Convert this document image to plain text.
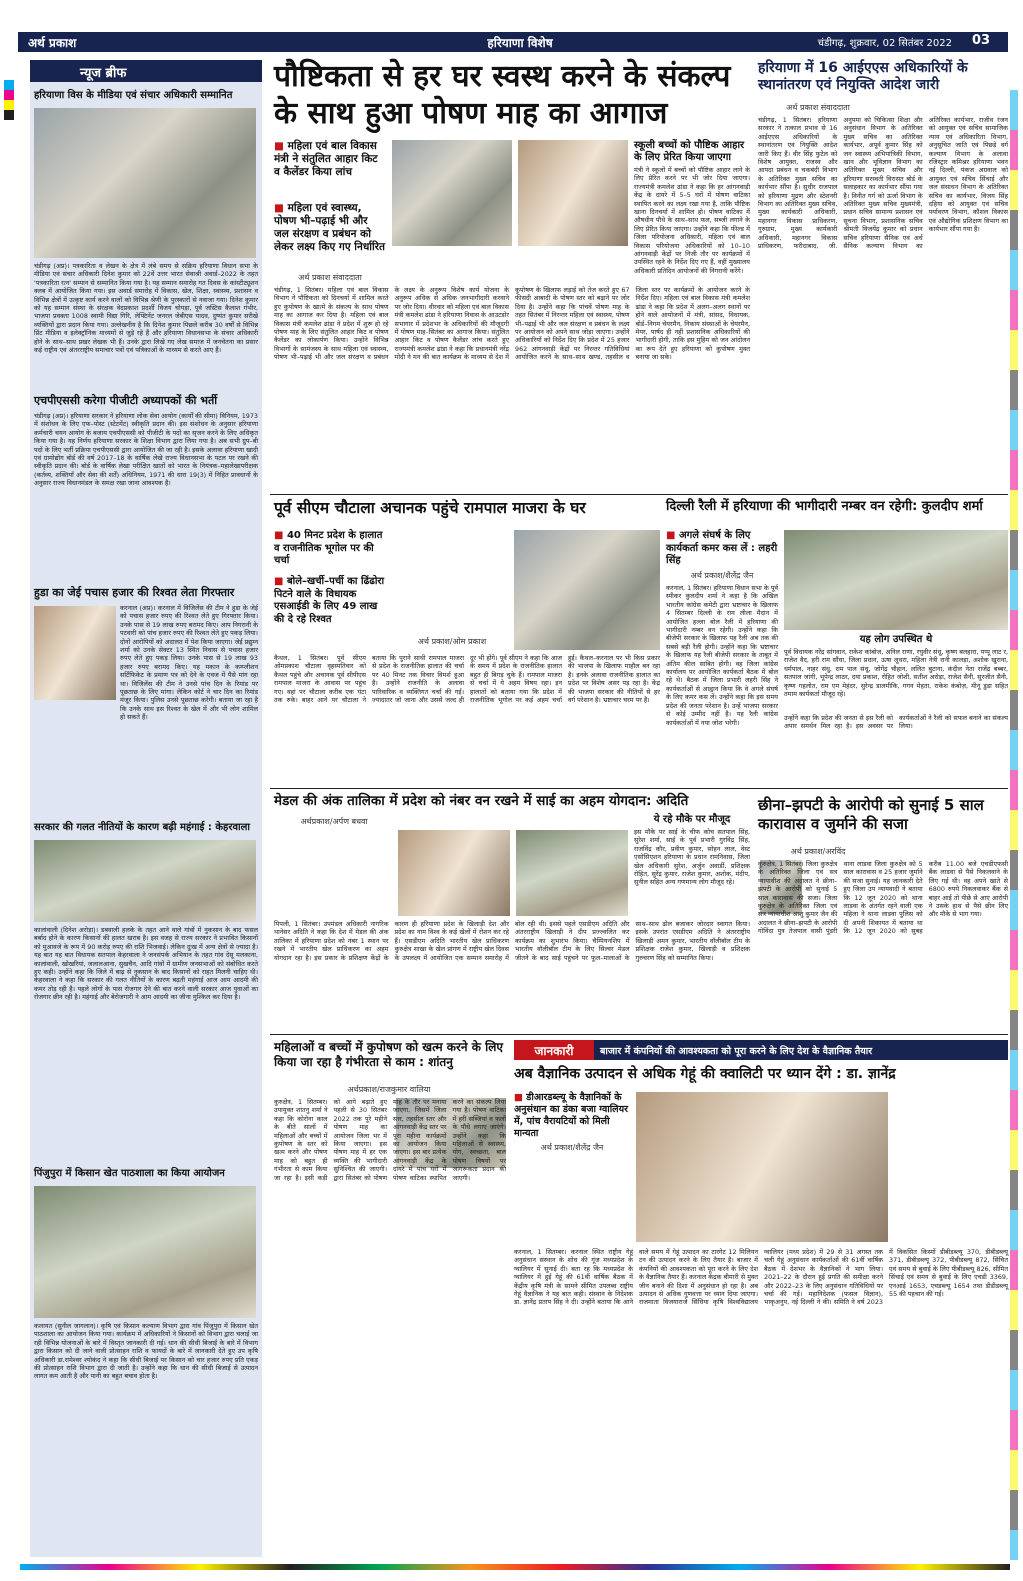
अर्थ प्रकाश	हरियाणा विशेष	चंडीगढ़, शुक्रवार, 02 सितंबर 2022	03
न्यूज ब्रीफ
हरियाणा विस के मीडिया एवं संचार अधिकारी सम्मानित
चंडीगढ़ (अप्र)। पत्रकारिता व लेखन के क्षेत्र में लंबे समय से सक्रिय हरियाणा विधान सभा के मीडिया एवं संचार अधिकारी दिनेश कुमार को 22वें उत्तर भारत सेवाश्री अवार्ड–2022 के तहत 'पत्रकारिता रत्न' सम्मान से सम्मानित किया गया है। यह सम्मान समारोह गत दिवस के कांस्टीट्यूशन क्लब में आयोजित किया गया। इस अवार्ड समारोह में विकास, खेल, शिक्षा, स्वास्थ्य, प्रशासन व विभिन्न क्षेत्रों में उत्कृष्ट कार्य करने वालों को विभिन्न श्रेणी के पुरस्कारों से नवाजा गया। दिनेश कुमार को यह सम्मान संस्था के संरक्षक वेदप्रकाश प्रदर्शी विजय चोपड़ा, पूर्व जस्टिस कैलाश गंभीर, भाजपा प्रवक्ता 1008 स्वामी विद्या गिरि, लेफ्टिनेंट जनरल जेबीएस यादव, दुष्यंत कुमार सरीखे व्यक्तियों द्वारा प्रदान किया गया। उल्लेखनीय है कि दिनेश कुमार पिछले करीब 30 वर्षों से विभिन्न प्रिंट मीडिया व इलेक्ट्रॉनिक माध्यमों से जुड़े रहे हैं और हरियाणा विधानसभा के संचार अधिकारी होने के साथ–साथ प्रखर लेखक भी हैं। उनके द्वारा लिखे गए लेख समाज में जनचेतना का प्रसार कई राष्ट्रीय एवं अंतरराष्ट्रीय समाचार पत्रों एवं पत्रिकाओं के माध्यम से करते आए हैं।
एचपीएससी करेगा पीजीटी अध्यापकों की भर्ती
चंडीगढ़ (अप्र)। हरियाणा सरकार ने हरियाणा लोक सेवा आयोग (कार्यों की सीमा) विनियम, 1973 में संशोधन के लिए एफ–पोस्ट (स्टेटमेंट) स्वीकृति प्रदान की। इस संशोधन के अनुसार हरियाणा कर्मचारी चयन आयोग के बजाय एचपीएससी को पीजीटी के पदों का सृजन करने के लिए अधिकृत किया गया है। यह निर्णय हरियाणा सरकार के शिक्षा विभाग द्वारा लिया गया है। अब सभी ग्रुप–बी पदों के लिए भर्ती प्रक्रिया एचपीएससी द्वारा आयोजित की जा रही है। इसके अलावा हरियाणा खादी एवं ग्रामोद्योग बोर्ड की वर्ष 2017–18 के वार्षिक लेखे राज्य विधानसभा के पटल पर रखने की स्वीकृति प्रदान की। बोर्ड के वार्षिक लेखा परीक्षित खातों को भारत के नियंत्रक–महालेखापरीक्षक (कर्तव्य, शक्तियाँ और सेवा की शर्तें) अधिनियम, 1971 की धारा 19(3) में निहित प्रावधानों के अनुसार राज्य विधानमंडल के समक्ष रखा जाना आवश्यक है।
हुडा का जेई पचास हजार की रिश्वत लेता गिरफ्तार
करनाल (अप्र)। करनाल में विजिलेंस की टीम ने हुडा के जेई को पचास हजार रुपए की रिश्वत लेते हुए गिरफ्तार किया। उनके पास से 19 लाख रुपए बरामद किए। आप निगरानी के पटवारी को पांच हजार रुपए की रिश्वत लेते हुए पकड़ लिया। दोनों आरोपियों को अदालत में पेश किया जाएगा। जेई प्रद्युम्न शर्मा को उनके सेक्टर 13 स्थित निवास से पचास हजार रुपए लेते हुए पकड़ लिया। उनके पास से 19 लाख 93 हजार रुपए बरामद किए। यह मकान के कम्प्लीशन सर्टिफिकेट के प्रमाण पत्र को देने के एवज में पैसे मांग रहा था। विजिलेंस की टीम ने उनसे पांच दिन के रिमांड पर पूछताछ के लिए मांगा। लेकिन कोर्ट ने चार दिन का रिमांड मंजूर किया। पुलिस उनसे पूछताछ करेगी। बताया जा रहा है कि उनके साथ इस रिश्वत के खेल में और भी लोग शामिल हो सकते हैं।
सरकार की गलत नीतियों के कारण बढ़ी महंगाई : केहरवाला
कालांवाली (दिनेश अरोड़ा)। डबवाली हलके के तहत आने वाले गांवों में नुकसान के बाद फसल बर्बाद होने के कारण किसानों की हालत खराब है। इस वजह से राज्य सरकार ने प्रभावित किसानों को मुआवजे के रूप में 90 करोड़ रुपए की राशि भिजवाई। लेकिन दुःख में अन्य क्षेत्रों से ज्यादा है। यह बात यह बात विधायक सतपाल केहरवाला ने जनसंपर्क अभियान के तहत गांव देसू मलकाना, कालांवाली, खोखरियां, जलालआना, सुखचैन, आदि गांवों में ग्रामीण जनसभाओं को संबोधित करते हुए कही। उन्होंने कहा कि जिले में बाढ़ से नुकसान के बाद किसानों को राहत मिलनी चाहिए थी। केहरवाला ने कहा कि सरकार की गलत नीतियों के कारण बढ़ती महंगाई आज आम आदमी की कमर तोड़ रही है। पहले लोगों के पास रोजगार देने की बात करने वाली सरकार आज युवाओं का रोजगार छीन रही है। महंगाई और बेरोजगारी ने आम आदमी का जीना मुश्किल कर दिया है।
पिंजुपुरा में किसान खेत पाठशाला का किया आयोजन
कलायत (सुनील जागलान)। कृषि एवं किसान कल्याण विभाग द्वारा गांव पिंजुपुरा में किसान खेत पाठशाला का आयोजन किया गया। कार्यक्रम में अधिकारियों ने किसानों को विभाग द्वारा चलाई जा रही विभिन्न योजनाओं के बारे में विस्तृत जानकारी दी गई। धान की सीधी बिजाई के बारे में विभाग द्वारा किसान को दी जाने वाली प्रोत्साहन राशि व फायदों के बारे में जानकारी देते हुए उप कृषि अधिकारी डा.रामेश्वर श्योकंद ने कहा कि सीधी बिजाई पर किसान को चार हजार रुपए प्रति एकड़ की प्रोत्साहन राशि विभाग द्वारा दी जाती है। उन्होंने कहा कि धान की सीधी बिजाई से उत्पादन लागत कम आती है और पानी का बहुत बचाव होता है।
पौष्टिकता से हर घर स्वस्थ करने के संकल्प के साथ हुआ पोषण माह का आगाज
■ महिला एवं बाल विकास मंत्री ने संतुलित आहार किट व कैलेंडर किया लांच
■ महिला एवं स्वास्थ्य, पोषण भी–पढ़ाई भी और जल संरक्षण व प्रबंधन को लेकर लक्ष्य किए गए निर्धारित
अर्थ प्रकाश संवाददाता
स्कूली बच्चों को पौष्टिक आहार के लिए प्रेरित किया जाएगा
मंत्री ने स्कूलों में बच्चों को पौष्टिक आहार लाने के लिए प्रेरित करने पर भी जोर दिया जाएगा। राज्यमंत्री कमलेश ढांडा ने कहा कि हर आंगनवाड़ी केंद्र के दायरे में 5–5 घरों में पोषण वाटिका स्थापित करने का लक्ष्य रखा गया है, ताकि पौष्टिक खाना दिनचर्या में शामिल हो। पोषण वाटिका में औषधीय पौधे के साथ–साथ फल, सब्जी लगाने के लिए प्रेरित किया जाएगा। उन्होंने कहा कि फील्ड में जिला परियोजना अधिकारी, महिला एवं बाल विकास परियोजना अधिकारियों को 10–10 आंगनवाड़ी केंद्रों पर निजी तौर पर कार्यक्रमों में उपस्थित रहने के निर्देश दिए गए हैं, वहीं मुख्यालय अधिकारी प्रतिदिन आयोजनों की निगरानी करेंगे।
चंडीगढ़, 1 सितंबर। महिला एवं बाल विकास विभाग ने पौष्टिकता को दिनचर्या में शामिल करते हुए कुपोषण के खात्मे के संकल्प के साथ पोषण माह का आगाज कर दिया है। महिला एवं बाल विकास मंत्री कमलेश ढांडा ने प्रदेश में शुरू हो रहे पोषण माह के लिए संतुलित आहार किट व पोषण कैलेंडर का लोकार्पण किया। उन्होंने विभिन्न विभागों के सामंजस्य के साथ महिला एवं स्वास्थ्य, पोषण भी–पढ़ाई भी और जल संरक्षण व प्रबंधन के लक्ष्य के अनुरूप विशेष कार्य योजना के अनुरूप अधिक से अधिक जनभागीदारी करवाने पर जोर दिया। वीरवार को महिला एवं बाल विकास मंत्री कमलेश ढांडा ने हरियाणा निवास के आउटडोर सभागार में प्रदेशभर के अधिकारियों की मौजूदगी में पोषण माह–सितंबर का आगाज किया। संतुलित आहार किट व पोषण कैलेंडर लांच करते हुए राज्यमंत्री कमलेश ढांडा ने कहा कि प्रधानमंत्री नरेंद्र मोदी ने मन की बात कार्यक्रम के माध्यम से देश में कुपोषण के खिलाफ लड़ाई को तेज करते हुए 67 फीसदी आबादी के पोषण स्तर को बढ़ाने पर जोर दिया है। उन्होंने कहा कि पांचवें पोषण माह के तहत सितंबर में निरन्तर महिला एवं स्वास्थ्य, पोषण भी–पढ़ाई भी और जल संरक्षण व प्रबंधन के लक्ष्य पर आयोजन को अपने साथ जोड़ा जाएगा। उन्होंने अधिकारियों को निर्देश दिए कि प्रदेश में 25 हजार 962 आंगनवाड़ी केंद्रों पर निरन्तर गतिविधियां आयोजित करने के साथ–साथ खण्ड, तहसील व जिला स्तर पर कार्यक्रमों के आयोजन करने के निर्देश दिए। महिला एवं बाल विकास मंत्री कमलेश ढांडा ने कहा कि प्रदेश में अलग–अलग स्थानों पर होने वाले आयोजनों में मंत्री, सांसद, विधायक, बोर्ड–निगम चेयरमैन, निकाय संस्थाओं के चेयरमैन, मेयर, पार्षद ही नहीं प्रशासनिक अधिकारियों की भागीदारी होगी, ताकि इस मुहिम को जन आंदोलन का रूप देते हुए हरियाणा को कुपोषण मुक्त बनाया जा सके।
हरियाणा में 16 आईएएस अधिकारियों के स्थानांतरण एवं नियुक्ति आदेश जारी
अर्थ प्रकाश संवाददाता
चंडीगढ़, 1 सितंबर। हरियाणा सरकार ने तत्काल प्रभाव से 16 आईएएस अधिकारियों के स्थानांतरण एवं नियुक्ति आदेश जारी किए हैं। वीर सिंह फुटेल को विशेष आयुक्त, राजस्व और आपदा प्रबंधन व चकबंदी विभाग के अतिरिक्त मुख्य सचिव का कार्यभार सौंपा है। सुधीर राजपाल को हरियाणा मुद्रण और स्टेशनरी विभाग का अतिरिक्त मुख्य सचिव, मुख्य कार्यकारी अधिकारी, महानगर विकास प्राधिकरण, गुरुग्राम, मुख्य कार्यकारी अधिकारी, महानगर विकास प्राधिकरण, फरीदाबाद, जी. अनुपमा को चिकित्सा शिक्षा और अनुसंधान विभाग के अतिरिक्त मुख्य सचिव का अतिरिक्त कार्यभार, अपूर्व कुमार सिंह को जन स्वास्थ्य अभियांत्रिकी विभाग, खान और भूविज्ञान विभाग का अतिरिक्त मुख्य सचिव और हरियाणा सरस्वती विरासत बोर्ड के सलाहकार का कार्यभार सौंपा गया है। विनीत गर्ग को ऊर्जा विभाग के अतिरिक्त मुख्य सचिव मुख्यमंत्री, प्रधान सचिव सामान्य प्रशासन एवं सूचना विभाग, प्रशासनिक सचिव श्रीमती विजयेंद्र कुमार को प्रधान सचिव हरियाणा सैनिक एवं अर्ध सैनिक कल्याण विभाग का अतिरिक्त कार्यभार, राजीव रंजन को आयुक्त एवं सचिव सामाजिक न्याय एवं अधिकारिता विभाग, अनुसूचित जाति एवं पिछड़े वर्ग कल्याण विभाग के अलावा रजिस्ट्रार कमिश्नर हरियाणा भवन नई दिल्ली, पंकज अग्रवाल को आयुक्त एवं सचिव सिंचाई और जल संसाधन विभाग के अतिरिक्त सचिव का कार्यभार, विजय सिंह दहिया को आयुक्त एवं सचिव पर्यावरण विभाग, कौशल विकास एवं औद्योगिक प्रशिक्षण विभाग का कार्यभार सौंपा गया है।
पूर्व सीएम चौटाला अचानक पहुंचे रामपाल माजरा के घर
■ 40 मिनट प्रदेश के हालात व राजनीतिक भूगोल पर की चर्चा
■ बोले–खर्ची–पर्ची का ढिंढोरा पिटने वाले के विधायक एसआईडी के लिए 49 लाख की दे रहे रिश्वत
अर्थ प्रकाश/ओम प्रकाश
कैथल, 1 सितंबर। पूर्व सीएम ओमप्रकाश चौटाला वृहस्पतिवार को कैथल पहुंचे और अचानक पूर्व सीपीएस रामपाल माजरा के आवास पर पहुंच गए। वहां पर चौटाला करीब एक घंटा तक रुके। बाहर आने पर चौटाला ने बताया कि पुराने साथी रामपाल माजरा से प्रदेश के राजनीतिक हालात की चर्चा पर 40 मिनट तक विचार विमर्श हुआ है। उन्होंने राजनीति के अलावा पारिवारिक व व्यक्तिगत चर्चा की गई। ज्यादातर जो जाना और उससे जल्द ही दूर भी होंगे। पूर्व सीएम ने कहा कि आज के समय में प्रदेश के राजनीतिक हालात बहुत ही बिगड़ चुके हैं। रामपाल माजरा से चर्चा में ये अहम विषय रहा। इन हालातों को बताया गया कि प्रदेश में राजनीतिक भूगोल पर कई अहम चर्चा हुई। कैथल–करनाल पर भी किस प्रकार की भाजपा के खिलाफ माहौल बन रहा है। इनके अलावा राजनीतिक हालात का प्रदेश पर विशेष असर पड़ रहा है। केंद्र की भाजपा सरकार की नीतियों से हर वर्ग परेशान है। भ्रष्टाचार चरम पर है।
दिल्ली रैली में हरियाणा की भागीदारी नम्बर वन रहेगी: कुलदीप शर्मा
■ अगले संघर्ष के लिए कार्यकर्ता कमर कस लें : लहरी सिंह
अर्थ प्रकाश/शैलेंद्र जैन
करनाल, 1 सितंबर। हरियाणा विधान सभा के पूर्व स्पीकर कुलदीप शर्मा ने कहा है कि अखिल भारतीय कांग्रेस कमेटी द्वारा भ्रष्टाचार के खिलाफ 4 सितम्बर दिल्ली के राम लीला मैदान में आयोजित हल्ला बोल रैली में हरियाणा की भागीदारी नम्बर वन रहेगी। उन्होंने कहा कि बीजेपी सरकार के खिलाफ यह रैली अब तक की सबसे बड़ी रैली होगी। उन्होंने कहा कि भ्रष्टाचार के खिलाफ यह रैली बीजेपी सरकार के ताबूत में अंतिम कील साबित होगी। वह जिला कांग्रेस कार्यालय पर आयोजित कार्यकर्ता बैठक में बोल रहे थे। बैठक में जिला प्रभारी लहरी सिंह ने कार्यकर्ताओं से आह्वान किया कि वे अगले संघर्ष के लिए कमर कस लें। उन्होंने कहा कि इस समय प्रदेश की जनता परेशान है। उन्हें भाजपा सरकार से कोई उम्मीद नहीं है। यह रैली कांग्रेस कार्यकर्ताओं में नया जोश भरेगी।
यह लोग उपस्थित थे
पूर्व विधायक नरेंद्र सांगवान, राकेश कांबोज, अनिल राणा, रघुवीर संधू, कृष्ण बलहारा, पप्पू लाट र, राजेश वैद, हरी राम सौंधा, जिला प्रधान, ऊषा लूथरा, महिला नेत्री रानी कालड़ा, अशोक खुराना, धर्मपाल, नाहर संधु, राम पाल संधू, जोगेंद्र चौहान, ललित बुटाना, कंदील नेता राजेंद्र बब्बर, सतपाल जांगी, भूपेन्द्र लाठर, दया प्रकाश, रोहित जोशी, सतीश अरोड़ा, राजेश सैनी, सुरजीत सैनी, कृष्ण गहलोत, राम एम मेहंदर, सुरेन्द्र डालमीकि, गगन मेहता, राकेश कंबोज़, मीनू डुडा सहित तमाम कार्यकर्ता मौजूद रहे।
उन्होंने कहा कि प्रदेश की जनता से इस रैली को अपार समर्थन मिल रहा है। इस अवसर पर कार्यकर्ताओं ने रैली को सफल बनाने का संकल्प लिया।
मेडल की अंक तालिका में प्रदेश को नंबर वन रखने में साई का अहम योगदान: अदिति
अर्थप्रकाश/अर्पण बधवा	ये रहे मौके पर मौजूद
इस मौके पर साई के चीफ कोच सतपाल सिंह, सुरेश शर्मा, साई के पूर्व प्रभारी गुरविंद्र सिंह, राजविंद्र कौर, प्रवीण कुमार, सोहन लाल, वेस्ट एसोसिएशन हरियाणा के प्रधान रामनिवास, जिला खेल अधिकारी सुरेश, अर्जुन अवार्डी, प्रशिक्षक रोहित, सुरेंद्र कुमार, राजेश कुमार, अशोक, मंदीप, सुनील सहित अन्य गणमान्य लोग मौजूद रहे।
पिपली, 1 सितंबर। उपमंडल अधिकारी नागरिक थानेसर अदिति ने कहा कि देश में मेडल की अंक तालिका में हरियाणा प्रदेश को नंबर 1 स्थान पर रखने में भारतीय खेल प्राधिकरण का अहम योगदान रहा है। इस प्रकार के प्रशिक्षण केंद्रों के कारण ही हरियाणा प्रदेश के खिलाड़ी देश और प्रदेश का नाम विश्व के कई खेलों में रोशन कर रहे हैं। एसडीएम अदिति भारतीय खेल प्राधिकरण कुरुक्षेत्र शाखा के खेल प्रांगण में राष्ट्रीय खेल दिवस के उपलक्ष्य में आयोजित एक सम्मान समारोह में बोल रही थी। इससे पहले एसडीएम अदिति और अंतरराष्ट्रीय खिलाड़ी ने दीप प्रज्ज्वलित कर कार्यक्रम का शुभारंभ किया। चैम्पियनशिप में भारतीय वॉलीबॉल टीम के लिए सिल्वर मेडल जीतने के बाद साई पहुंचने पर फूल–मालाओं के साथ–साथ ढोल बजाकर जोरदार स्वागत किया। इसके उपरांत एसडीएम अदिति ने अंतरराष्ट्रीय खिलाड़ी अमन कुमार, भारतीय वॉलीबॉल टीम के प्रशिक्षक राजेश कुमार, खिलाड़ी व प्रशिक्षक गुरुचरण सिंह को सम्मानित किया।
छीना–झपटी के आरोपी को सुनाई 5 साल कारावास व जुर्माने की सजा
अर्थ प्रकाश/अरविंद
कुरुक्षेत्र, 1 सितंबर। जिला कुरुक्षेत्र के अतिरिक्त जिला एवं सत्र न्यायाधीश की अदालत ने छीना–झपटी के आरोपी को सुनाई 5 साल कारावास की सजा। जिला कुरुक्षेत्र के अतिरिक्त जिला एवं सत्र न्यायाधीश आशु कुमार जैन की अदालत ने छीना–झपटी के आरोपी गोविंदा पुत्र तेजपाल वासी पुंडरी थाना लाडवा जिला कुरुक्षेत्र को 5 साल कारावास व 25 हजार जुर्माने की सजा सुनाई। यह जानकारी देते हुए जिला उप न्यायवादी ने बताया कि 12 जून 2020 को थाना लाडवा के अंतर्गत रहने वाली एक महिला ने थाना लाडवा पुलिस को दी अपनी शिकायत में बताया था कि 12 जून 2020 को सुबह करीब 11.00 बजे एचडीएफसी बैंक लाडवा से पैसे निकलवाने के लिए गई थी। वह अपने खाते से 6800 रुपये निकलवाकर बैंक से बाहर आई तो पीछे से आए आरोपी ने उसके हाथ से पैसे छीन लिए और मौके से भाग गया।
महिलाओं व बच्चों में कुपोषण को खत्म करने के लिए किया जा रहा है गंभीरता से काम : शांतनु
अर्थप्रकाश/राजकुमार वालिया
कुरुक्षेत्र, 1 सितम्बर। उपायुक्त शांतनु शर्मा ने कहा कि कोरोना काल के बीते सालों में महिलाओं और बच्चों में कुपोषण के स्तर को खत्म करने और पोषण माह को बहुत ही गंभीरता से काम किया जा रहा है। इसी कड़ी को आगे बढ़ाते हुए पहली से 30 सितंबर 2022 तक पूरे महीने पोषण माह का आयोजन जिला भर में किया जाएगा। इस पोषण माह में हर एक व्यक्ति की भागीदारी सुनिश्चित की जाएगी। द्वारा सितंबर को पोषण माह के तौर पर मनाया जाएगा, जिसमें जिला स्तर, तहसील स्तर और आंगनवाड़ी केंद्र स्तर पर पूरा महीना कार्यक्रमों का आयोजन किया जाएगा। इस बार प्रत्येक आंगनवाड़ी केंद्र के दायरे में पांच घरों में पोषण वाटिका स्थापित करने का संकल्प लिया गया है। पोषण वाटिका में हरी सब्जियां व फलों के पौधे लगाए जाएंगे। उन्होंने कहा कि महिलाओं से स्वास्थ्य, योग, स्वच्छता, बाल पोषण विषयों पर जागरूकता प्रदान की जाएगी।
जानकारी	बाजार में कंपनियों की आवश्यकता को पूरा करने के लिए देश के वैज्ञानिक तैयार
अब वैज्ञानिक उत्पादन से अधिक गेहूं की क्वालिटी पर ध्यान देंगे : डा. ज्ञानेंद्र
■ डीआरडब्ल्यू के वैज्ञानिकों के अनुसंधान का डंका बजा ग्वालियर में, पांच वैरायटियों को मिली मान्यता
अर्थ प्रकाश/शैलेंद्र जैन
करनाल, 1 सितम्बर। करनाल स्थित राष्ट्रीय गेहूं अनुसंधान संस्थान के शोध की गूंज मध्यप्रदेश के ग्वालियर में सुनाई दी। बता रह कि मध्यप्रदेश के ग्वालियर में हुई गेहूं की 61वीं वार्षिक बैठक में केंद्रीय कृषि मंत्री के सामने सीमित उपलब्ध राष्ट्रीय गेहूं वैज्ञानिक ने यह बात कही। संस्थान के निदेशक डा. ज्ञानेंद्र प्रताप सिंह ने दी। उन्होंने बताया कि आने वाले समय में गेहूं उत्पादन का टारगेट 12 मिलियन टन की उत्पादन करने के लिए तैयार है। बाजार में कंपनियों की आवश्यकता को पूरा करने के लिए देश के वैज्ञानिक तैयार हैं। करनाल केंद्रक बीमारी से मुक्त जीन बनाने की दिशा में अनुसंधान हो रहा है। अब उत्पादन से अधिक गुणवत्ता पर ध्यान दिया जाएगा। राजमाता विजयाराजे सिंधिया कृषि विश्वविद्यालय ग्वालियर (मध्य प्रदेश) में 29 से 31 अगस्त तक चली गेहूं अनुसंधान कार्यकर्ताओं की 61वीं वार्षिक बैठक में देशभर के वैज्ञानिकों ने भाग लिया। 2021–22 के दौरान हुई प्रगति की समीक्षा करने और 2022–23 के लिए अनुसंधान गतिविधियों पर चर्चा की गई। महानिदेशक (फसल विज्ञान), भाकृअनुप, नई दिल्ली ने की। समिति ने वर्ष 2023 में विकसित किस्मों डीबीडब्ल्यू 370, डीबीडब्ल्यू 371, डीबीडब्ल्यू 372, पीबीडब्ल्यू 872, सिंचित एवं समय से बुवाई के लिए पीबीडब्ल्यू 826, सीमित सिंचाई एवं समय से बुवाई के लिए एचडी 3369, एनआई 1653, एचडब्ल्यू 1654 तथा डीडीडब्ल्यू 55 की पहचान की गई।
